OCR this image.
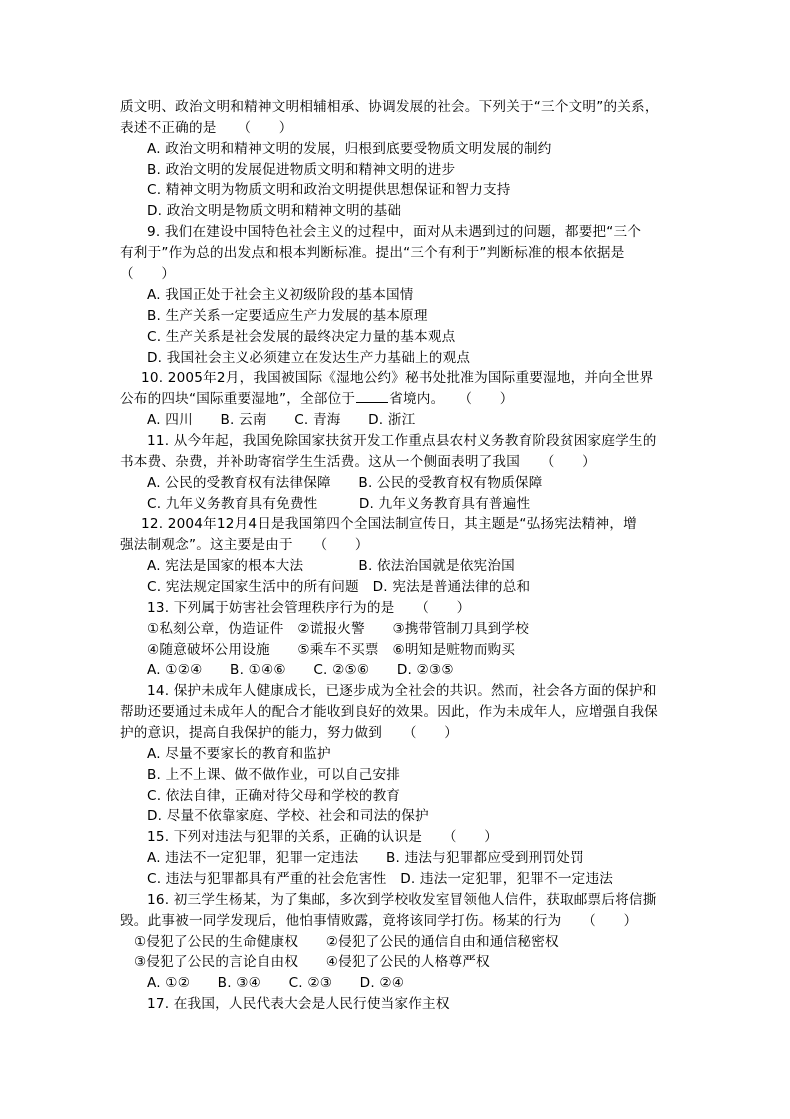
质文明、政治文明和精神文明相辅相承、协调发展的社会。下列关于“三个文明”的关系，
表述不正确的是　　（　　）
A. 政治文明和精神文明的发展，归根到底要受物质文明发展的制约
B. 政治文明的发展促进物质文明和精神文明的进步
C. 精神文明为物质文明和政治文明提供思想保证和智力支持
D. 政治文明是物质文明和精神文明的基础
9. 我们在建设中国特色社会主义的过程中，面对从未遇到过的问题，都要把“三个
有利于”作为总的出发点和根本判断标准。提出“三个有利于”判断标准的根本依据是
（　　）
A. 我国正处于社会主义初级阶段的基本国情
B. 生产关系一定要适应生产力发展的基本原理
C. 生产关系是社会发展的最终决定力量的基本观点
D. 我国社会主义必须建立在发达生产力基础上的观点
10. 2005年2月，我国被国际《湿地公约》秘书处批准为国际重要湿地，并向全世界
公布的四块“国际重要湿地”，全部位于	省境内。　　（　　）
A. 四川　　B. 云南　　C. 青海　　D. 浙江
11. 从今年起，我国免除国家扶贫开发工作重点县农村义务教育阶段贫困家庭学生的
书本费、杂费，并补助寄宿学生生活费。这从一个侧面表明了我国　　（　　）
A. 公民的受教育权有法律保障　　B. 公民的受教育权有物质保障
C. 九年义务教育具有免费性　　　D. 九年义务教育具有普遍性
12. 2004年12月4日是我国第四个全国法制宣传日，其主题是“弘扬宪法精神，增
强法制观念”。这主要是由于　　（　　）
A. 宪法是国家的根本大法　　　　B. 依法治国就是依宪治国
C. 宪法规定国家生活中的所有问题　D. 宪法是普通法律的总和
13. 下列属于妨害社会管理秩序行为的是　　（　　）
①私刻公章，伪造证件　②谎报火警　　③携带管制刀具到学校
④随意破坏公用设施　　⑤乘车不买票　⑥明知是赃物而购买
A. ①②④　　B. ①④⑥　　C. ②⑤⑥　　D. ②③⑤
14. 保护未成年人健康成长，已逐步成为全社会的共识。然而，社会各方面的保护和
帮助还要通过未成年人的配合才能收到良好的效果。因此，作为未成年人，应增强自我保
护的意识，提高自我保护的能力，努力做到　　（　　）
A. 尽量不要家长的教育和监护
B. 上不上课、做不做作业，可以自己安排
C. 依法自律，正确对待父母和学校的教育
D. 尽量不依靠家庭、学校、社会和司法的保护
15. 下列对违法与犯罪的关系，正确的认识是　　（　　）
A. 违法不一定犯罪，犯罪一定违法　　B. 违法与犯罪都应受到刑罚处罚
C. 违法与犯罪都具有严重的社会危害性　D. 违法一定犯罪，犯罪不一定违法
16. 初三学生杨某，为了集邮，多次到学校收发室冒领他人信件，获取邮票后将信撕
毁。此事被一同学发现后，他怕事情败露，竟将该同学打伤。杨某的行为　　（　　）
①侵犯了公民的生命健康权　　②侵犯了公民的通信自由和通信秘密权
③侵犯了公民的言论自由权　　④侵犯了公民的人格尊严权
A. ①②　　B. ③④　　C. ②③　　D. ②④
17. 在我国，人民代表大会是人民行使当家作主权
